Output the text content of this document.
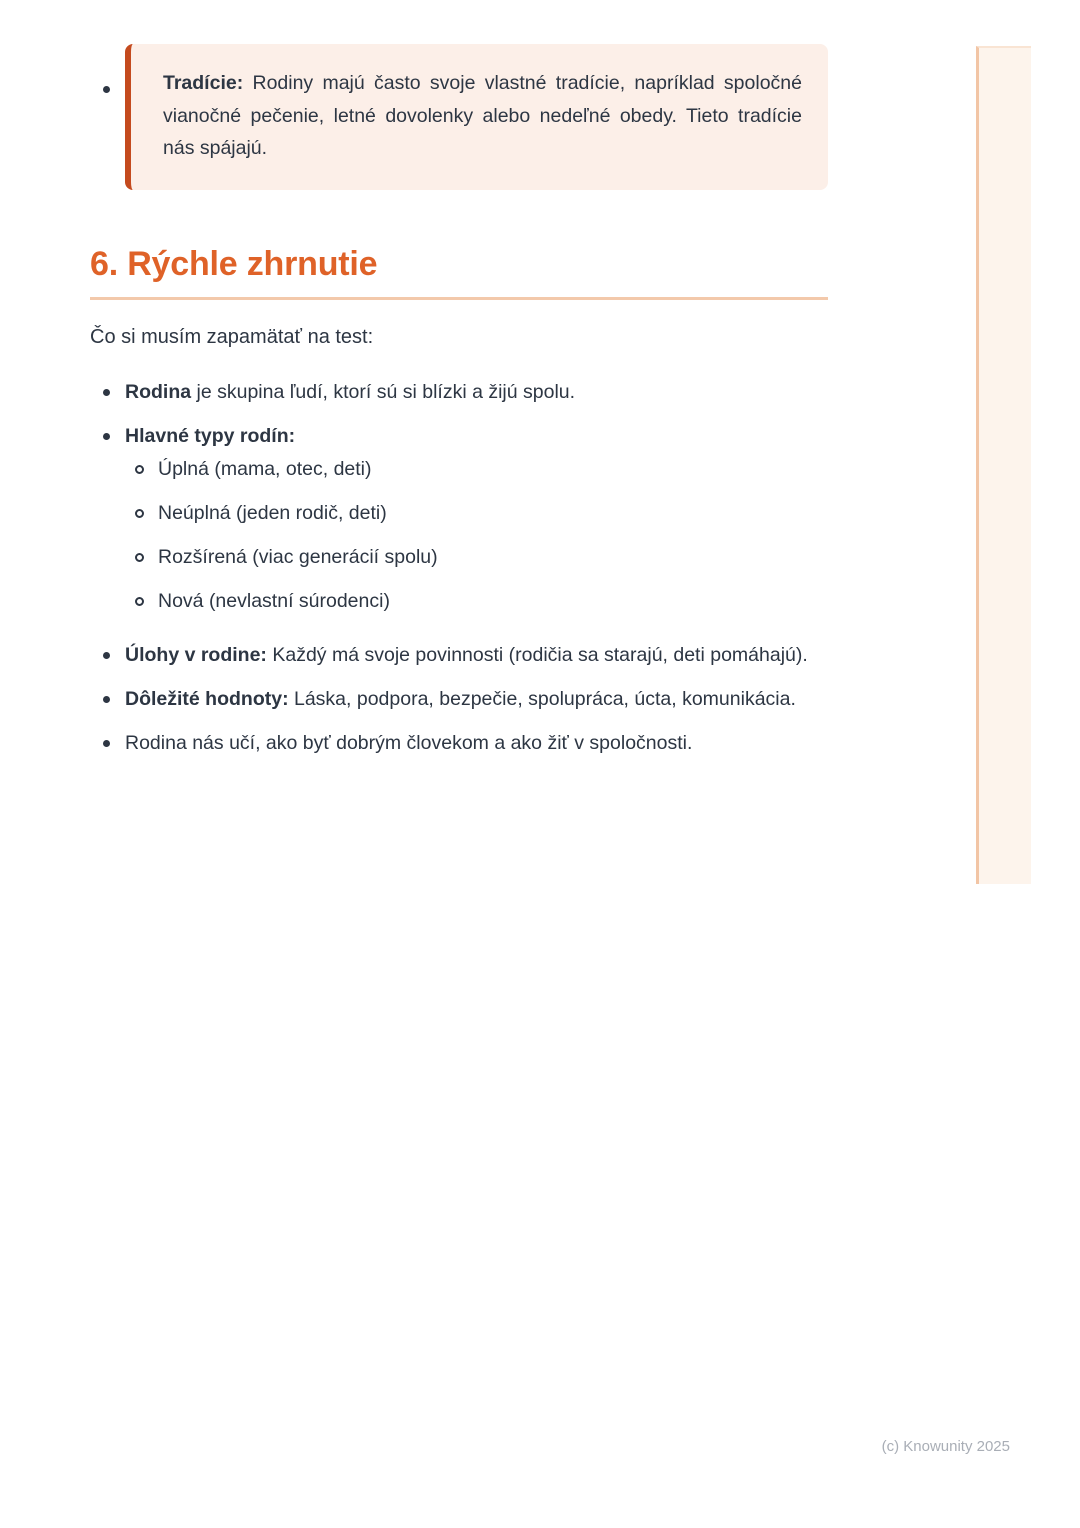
Tradície: Rodiny majú často svoje vlastné tradície, napríklad spoločné vianočné pečenie, letné dovolenky alebo nedeľné obedy. Tieto tradície nás spájajú.
6. Rýchle zhrnutie

Čo si musím zapamätať na test:

Rodina je skupina ľudí, ktorí sú si blízki a žijú spolu.
Hlavné typy rodín:
Úplná (mama, otec, deti)
Neúplná (jeden rodič, deti)
Rozšírená (viac generácií spolu)
Nová (nevlastní súrodenci)
Úlohy v rodine: Každý má svoje povinnosti (rodičia sa starajú, deti pomáhajú).
Dôležité hodnoty: Láska, podpora, bezpečie, spolupráca, úcta, komunikácia.
Rodina nás učí, ako byť dobrým človekom a ako žiť v spoločnosti.
(c) Knowunity 2025
